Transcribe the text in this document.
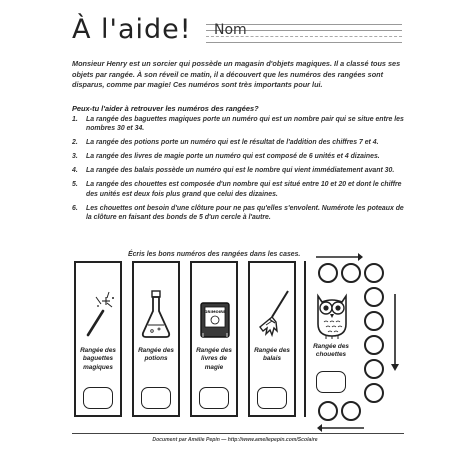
À l'aide! Nom

Monsieur Henry est un sorcier qui possède un magasin d'objets magiques. Il a classé tous ses objets par rangée. À son réveil ce matin, il a découvert que les numéros des rangées sont disparus, comme par magie! Ces numéros sont très importants pour lui.

Peux-tu l'aider à retrouver les numéros des rangées?

1. La rangée des baguettes magiques porte un numéro qui est un nombre pair qui se situe entre les nombres 30 et 34.
2. La rangée des potions porte un numéro qui est le résultat de l'addition des chiffres 7 et 4.
3. La rangée des livres de magie porte un numéro qui est composé de 6 unités et 4 dizaines.
4. La rangée des balais possède un numéro qui est le nombre qui vient immédiatement avant 30.
5. La rangée des chouettes est composée d'un nombre qui est situé entre 10 et 20 et dont le chiffre des unités est deux fois plus grand que celui des dizaines.
6. Les chouettes ont besoin d'une clôture pour ne pas qu'elles s'envolent. Numérote les poteaux de la clôture en faisant des bonds de 5 d'un cercle à l'autre.
Écris les bons numéros des rangées dans les cases.
Rangée des baguettes magiques
Rangée des potions
GRIMOIRE
Rangée des livres de magie
Rangée des balais
Rangée des chouettes
Document par Amélie Pepin — http://www.ameliepepin.com/Scolaire
